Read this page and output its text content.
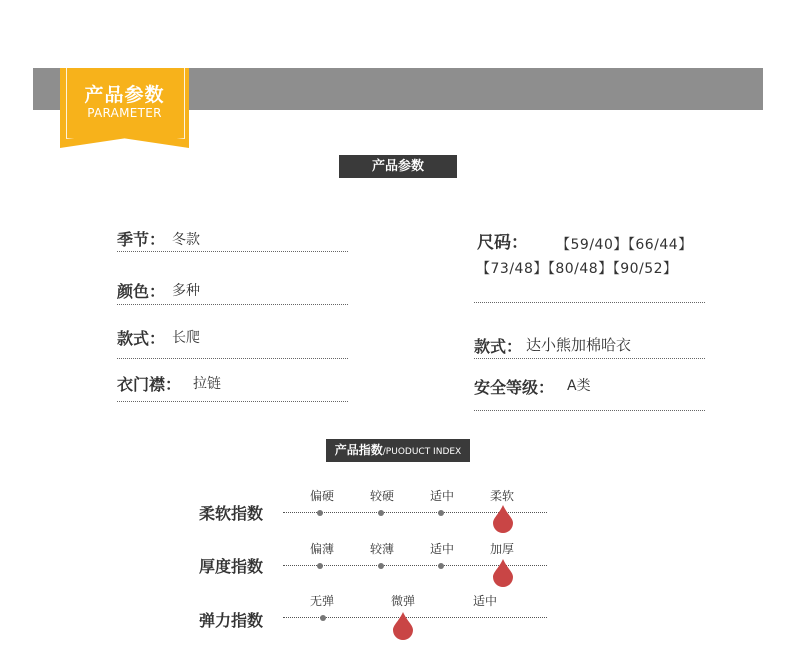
产品参数
PARAMETER
产品参数
季节： 冬款
颜色： 多种
款式： 长爬
衣门襟： 拉链
尺码： 【59/40】【66/44】
【73/48】【80/48】【90/52】
款式： 达小熊加棉哈衣
安全等级： A类
产品指数/PUODUCT INDEX
柔软指数
偏硬	较硬	适中	柔软
厚度指数
偏薄	较薄	适中	加厚
弹力指数
无弹	微弹	适中
